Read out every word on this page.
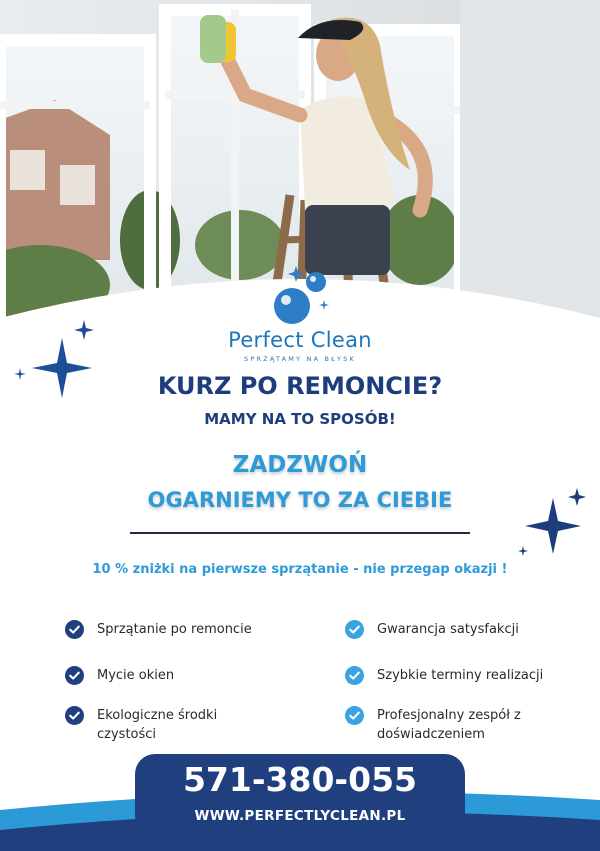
Perfect Clean
SPRZĄTAMY NA BŁYSK
KURZ PO REMONCIE?
MAMY NA TO SPOSÓB!
ZADZWOŃ
OGARNIEMY TO ZA CIEBIE
10 % zniżki na pierwsze sprzątanie - nie przegap okazji !
Sprzątanie po remoncie
Mycie okien
Ekologiczne środki
czystości
Gwarancja satysfakcji
Szybkie terminy realizacji
Profesjonalny zespół z
doświadczeniem
571-380-055
WWW.PERFECTLYCLEAN.PL
